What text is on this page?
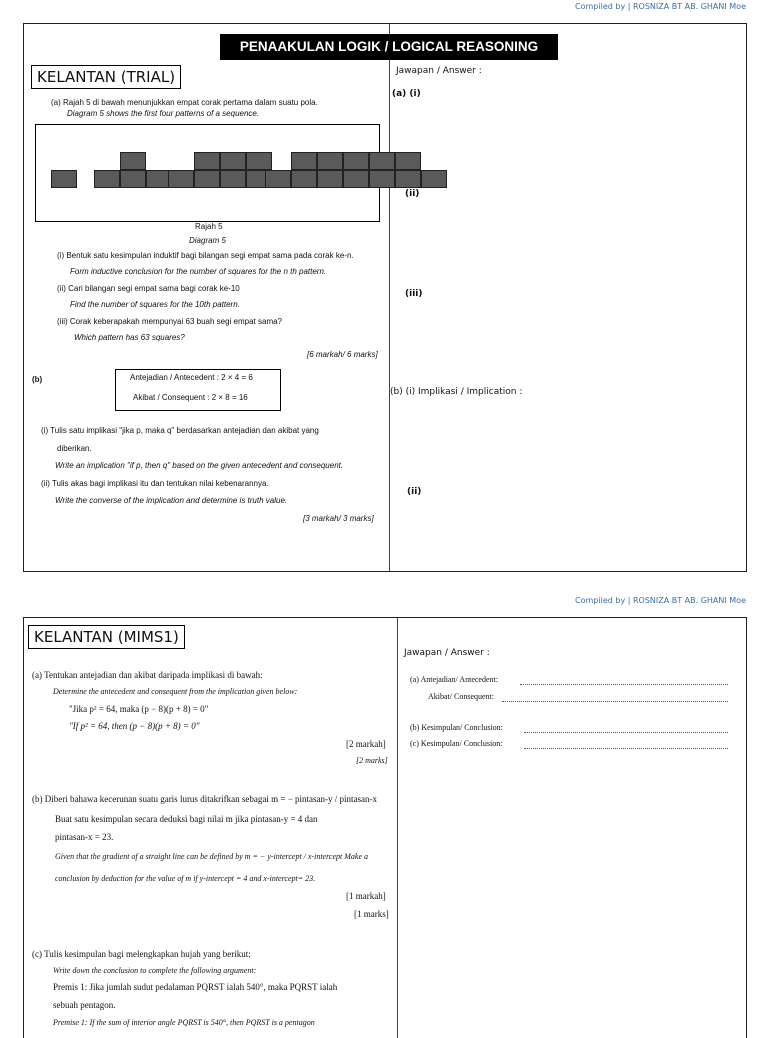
Compiled by | ROSNIZA BT AB. GHANI Moe
Compiled by | ROSNIZA BT AB. GHANI Moe
PENAAKULAN LOGIK / LOGICAL REASONING
KELANTAN (TRIAL)
(a) Rajah 5 di bawah menunjukkan empat corak pertama dalam suatu pola.
Diagram 5 shows the first four patterns of a sequence.
Rajah 5
Diagram 5
(i) Bentuk satu kesimpulan induktif bagi bilangan segi empat sama pada corak ke-n.
Form inductive conclusion for the number of squares for the n th pattern.
(ii) Cari bilangan segi empat sama bagi corak ke-10
Find the number of squares for the 10th pattern.
(iii) Corak keberapakah mempunyai 63 buah segi empat sama?
Which pattern has 63 squares?
[6 markah/ 6 marks]
(b)	Antejadian / Antecedent : 2 × 4 = 6
Akibat / Consequent : 2 × 8 = 16
(i) Tulis satu implikasi "jika p, maka q" berdasarkan antejadian dan akibat yang
diberikan.
Write an implication "if p, then q" based on the given antecedent and consequent.
(ii) Tulis akas bagi implikasi itu dan tentukan nilai kebenarannya.
Write the converse of the implication and determine is truth value.
[3 markah/ 3 marks]
Jawapan / Answer :
(a) (i)
(ii)
(iii)
(b) (i) Implikasi / Implication :
(ii)
KELANTAN (MIMS1)
(a) Tentukan antejadian dan akibat daripada implikasi di bawah:
Determine the antecedent and consequent from the implication given below:
"Jika p² = 64, maka (p − 8)(p + 8) = 0"
"If p² = 64, then (p − 8)(p + 8) = 0"
[2 markah]
[2 marks]
(b) Diberi bahawa kecerunan suatu garis lurus ditakrifkan sebagai m = − pintasan-y / pintasan-x
Buat satu kesimpulan secara deduksi bagi nilai m jika pintasan-y = 4 dan
pintasan-x = 23.
Given that the gradient of a straight line can be defined by m = − y-intercept / x-intercept Make a
conclusion by deduction for the value of m if y-intercept = 4 and x-intercept= 23.
[1 markah]
[1 marks]
(c) Tulis kesimpulan bagi melengkapkan hujah yang berikut:
Write down the conclusion to complete the following argument:
Premis 1: Jika jumlah sudut pedalaman PQRST ialah 540°, maka PQRST ialah
sebuah pentagon.
Premise 1: If the sum of interior angle PQRST is 540°, then PQRST is a pentagon
Jawapan / Answer :
(a) Antejadian/ Antecedent:
Akibat/ Consequent:
(b) Kesimpulan/ Conclusion:
(c) Kesimpulan/ Conclusion:
